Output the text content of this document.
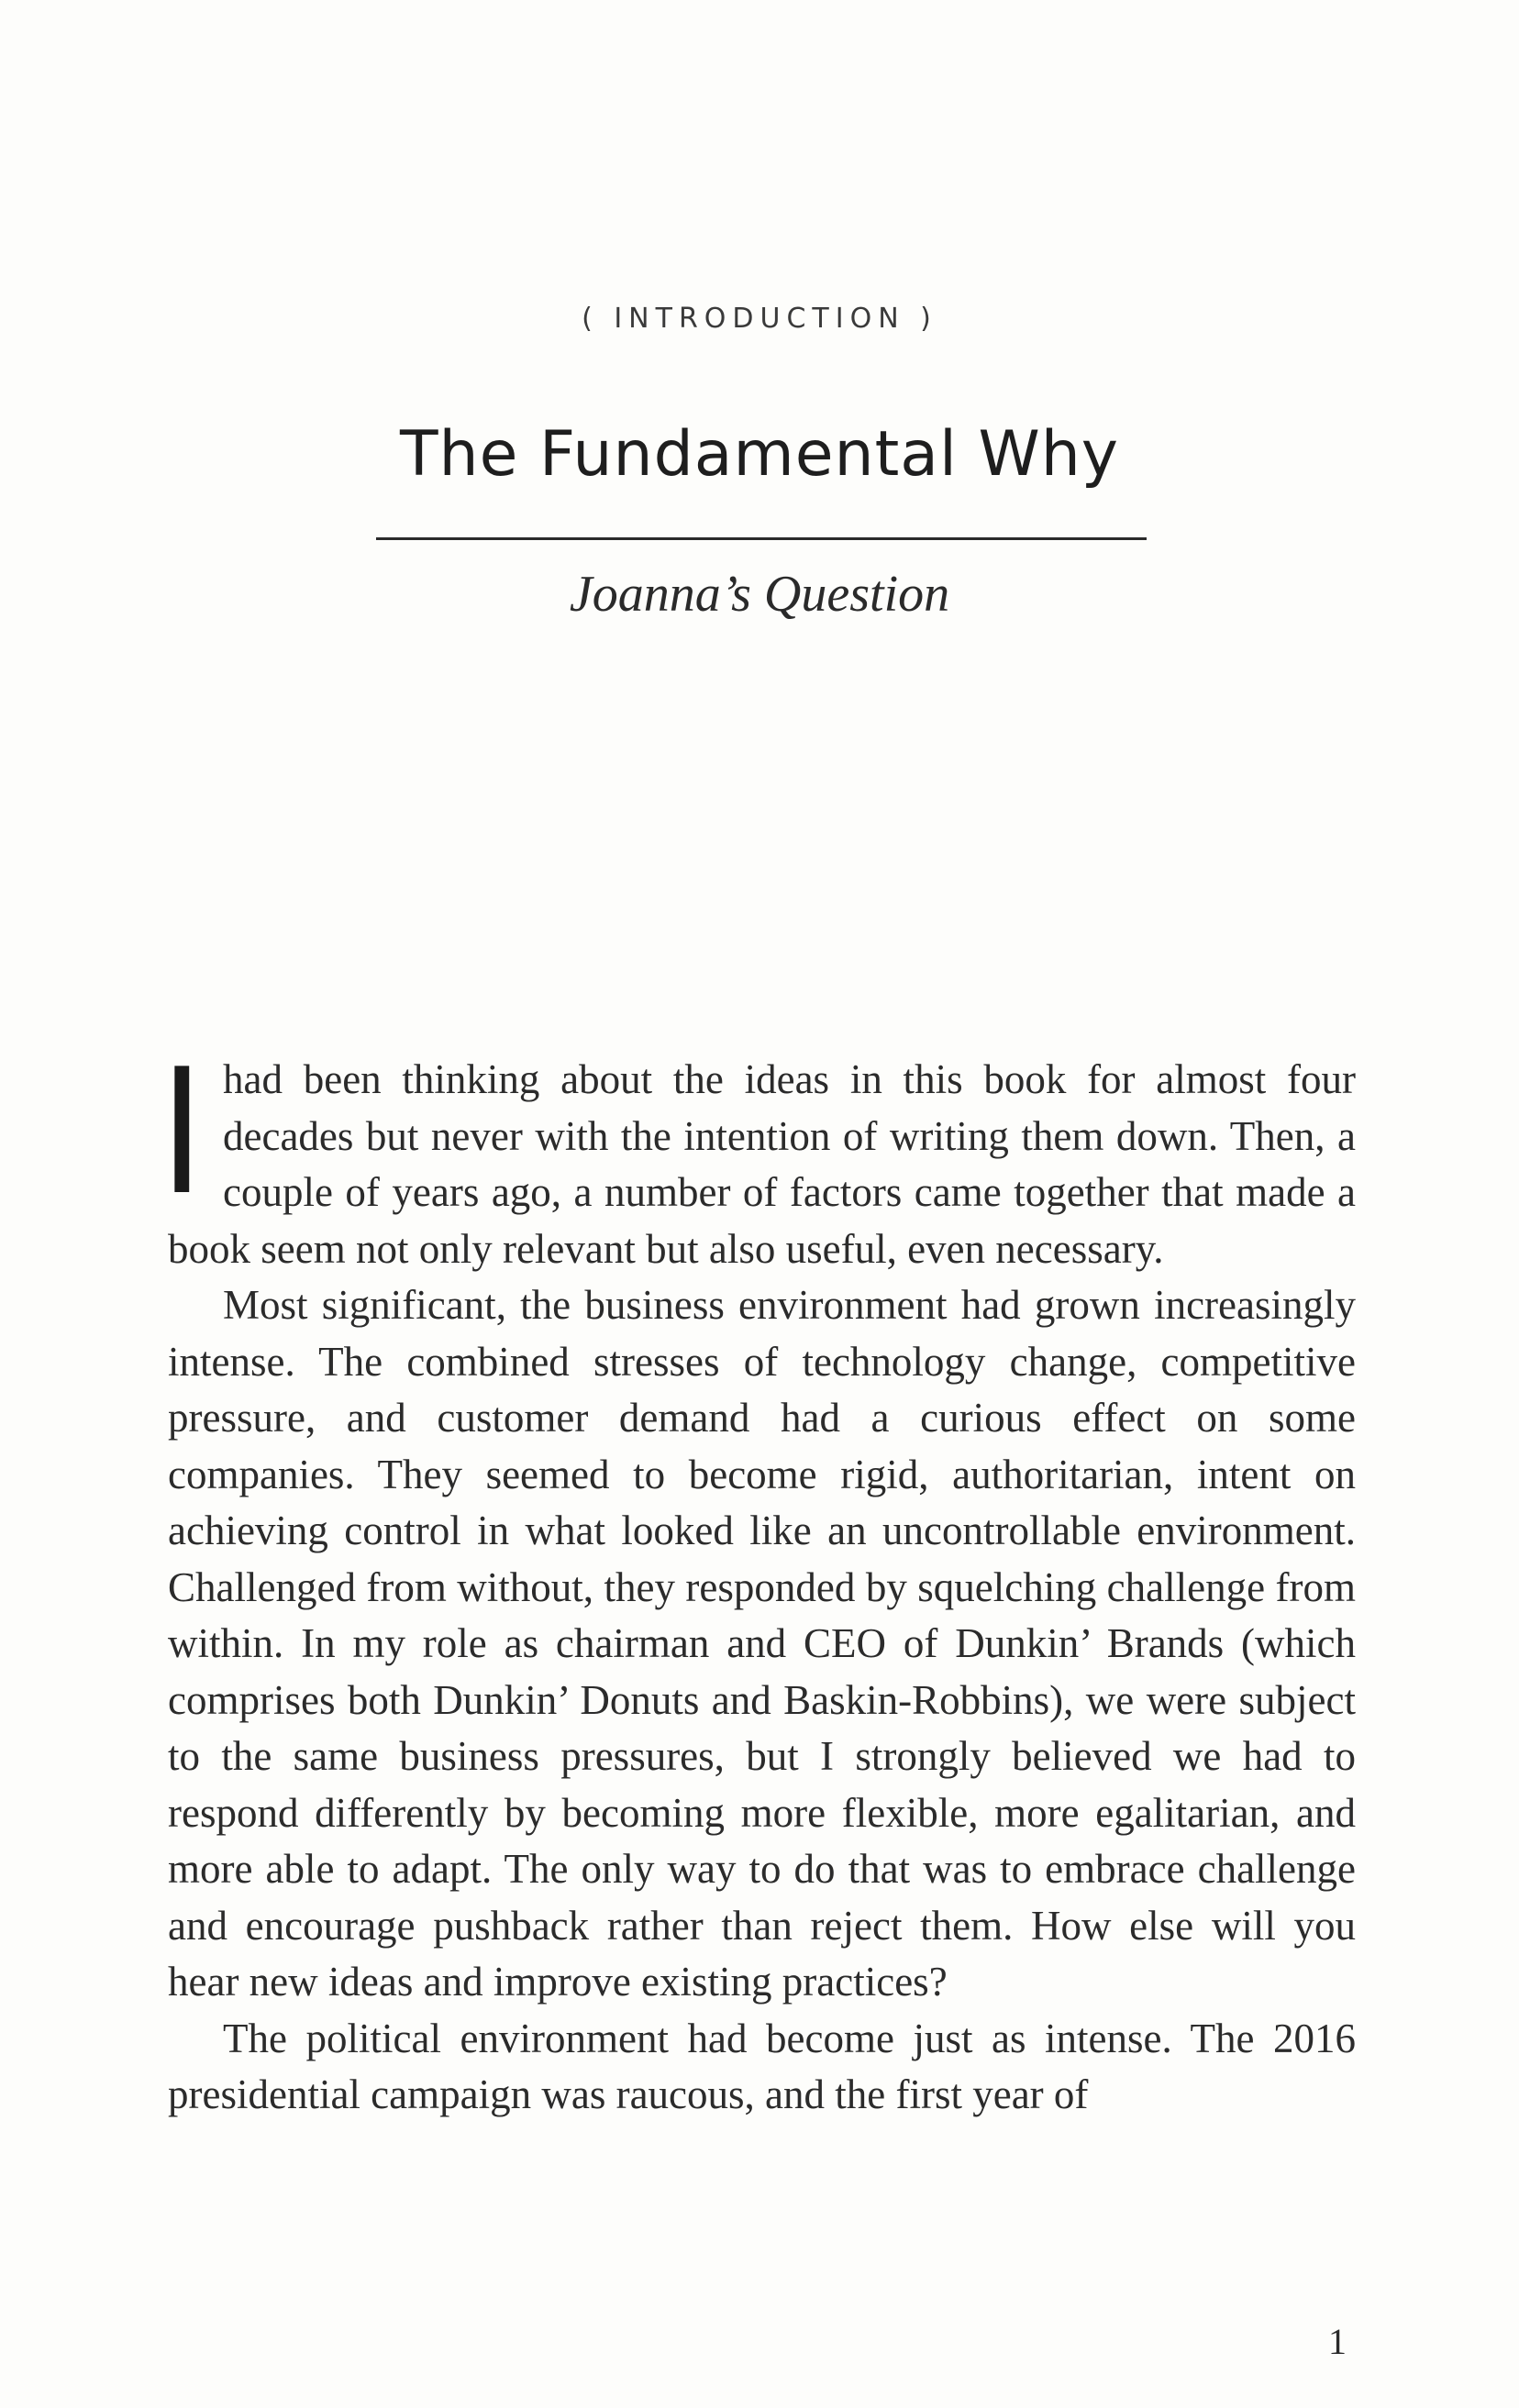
( INTRODUCTION )
The Fundamental Why
Joanna’s Question

Ihad been thinking about the ideas in this book for almost four decades but never with the intention of writing them down. Then, a couple of years ago, a number of factors came together that made a book seem not only relevant but also useful, even necessary.

Most significant, the business environment had grown increasingly intense. The combined stresses of technology change, competitive pressure, and customer demand had a curious effect on some companies. They seemed to become rigid, authoritarian, intent on achieving control in what looked like an uncontrollable environment. Challenged from without, they responded by squelching challenge from within. In my role as chairman and CEO of Dunkin’ Brands (which comprises both Dunkin’ Donuts and Baskin-Robbins), we were subject to the same business pressures, but I strongly believed we had to respond differently by becoming more flexible, more egalitarian, and more able to adapt. The only way to do that was to embrace challenge and encourage pushback rather than reject them. How else will you hear new ideas and improve existing practices?

The political environment had become just as intense. The 2016 presidential campaign was raucous, and the first year of

1
